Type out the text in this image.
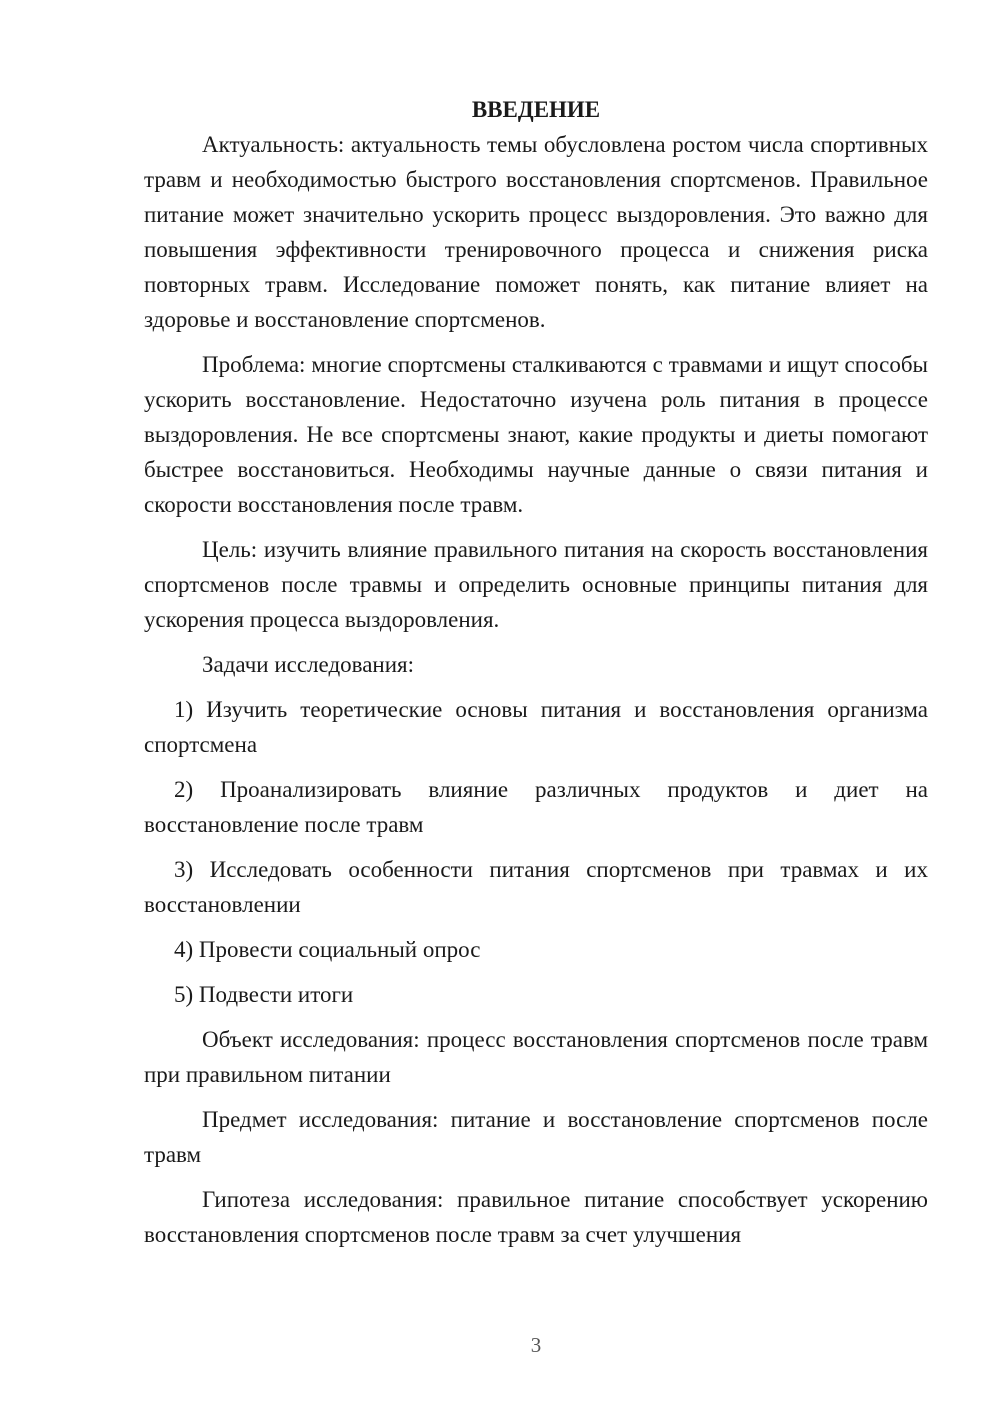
ВВЕДЕНИЕ

Актуальность: актуальность темы обусловлена ростом числа спортивных травм и необходимостью быстрого восстановления спортсменов. Правильное питание может значительно ускорить процесс выздоровления. Это важно для повышения эффективности тренировочного процесса и снижения риска повторных травм. Исследование поможет понять, как питание влияет на здоровье и восстановление спортсменов.

Проблема: многие спортсмены сталкиваются с травмами и ищут способы ускорить восстановление. Недостаточно изучена роль питания в процессе выздоровления. Не все спортсмены знают, какие продукты и диеты помогают быстрее восстановиться. Необходимы научные данные о связи питания и скорости восстановления после травм.

Цель: изучить влияние правильного питания на скорость восстановления спортсменов после травмы и определить основные принципы питания для ускорения процесса выздоровления.

Задачи исследования:

1) Изучить теоретические основы питания и восстановления организма спортсмена

2) Проанализировать влияние различных продуктов и диет на восстановление после травм

3) Исследовать особенности питания спортсменов при травмах и их восстановлении

4) Провести социальный опрос

5) Подвести итоги

Объект исследования: процесс восстановления спортсменов после травм при правильном питании

Предмет исследования: питание и восстановление спортсменов после травм

Гипотеза исследования: правильное питание способствует ускорению восстановления спортсменов после травм за счет улучшения

3
